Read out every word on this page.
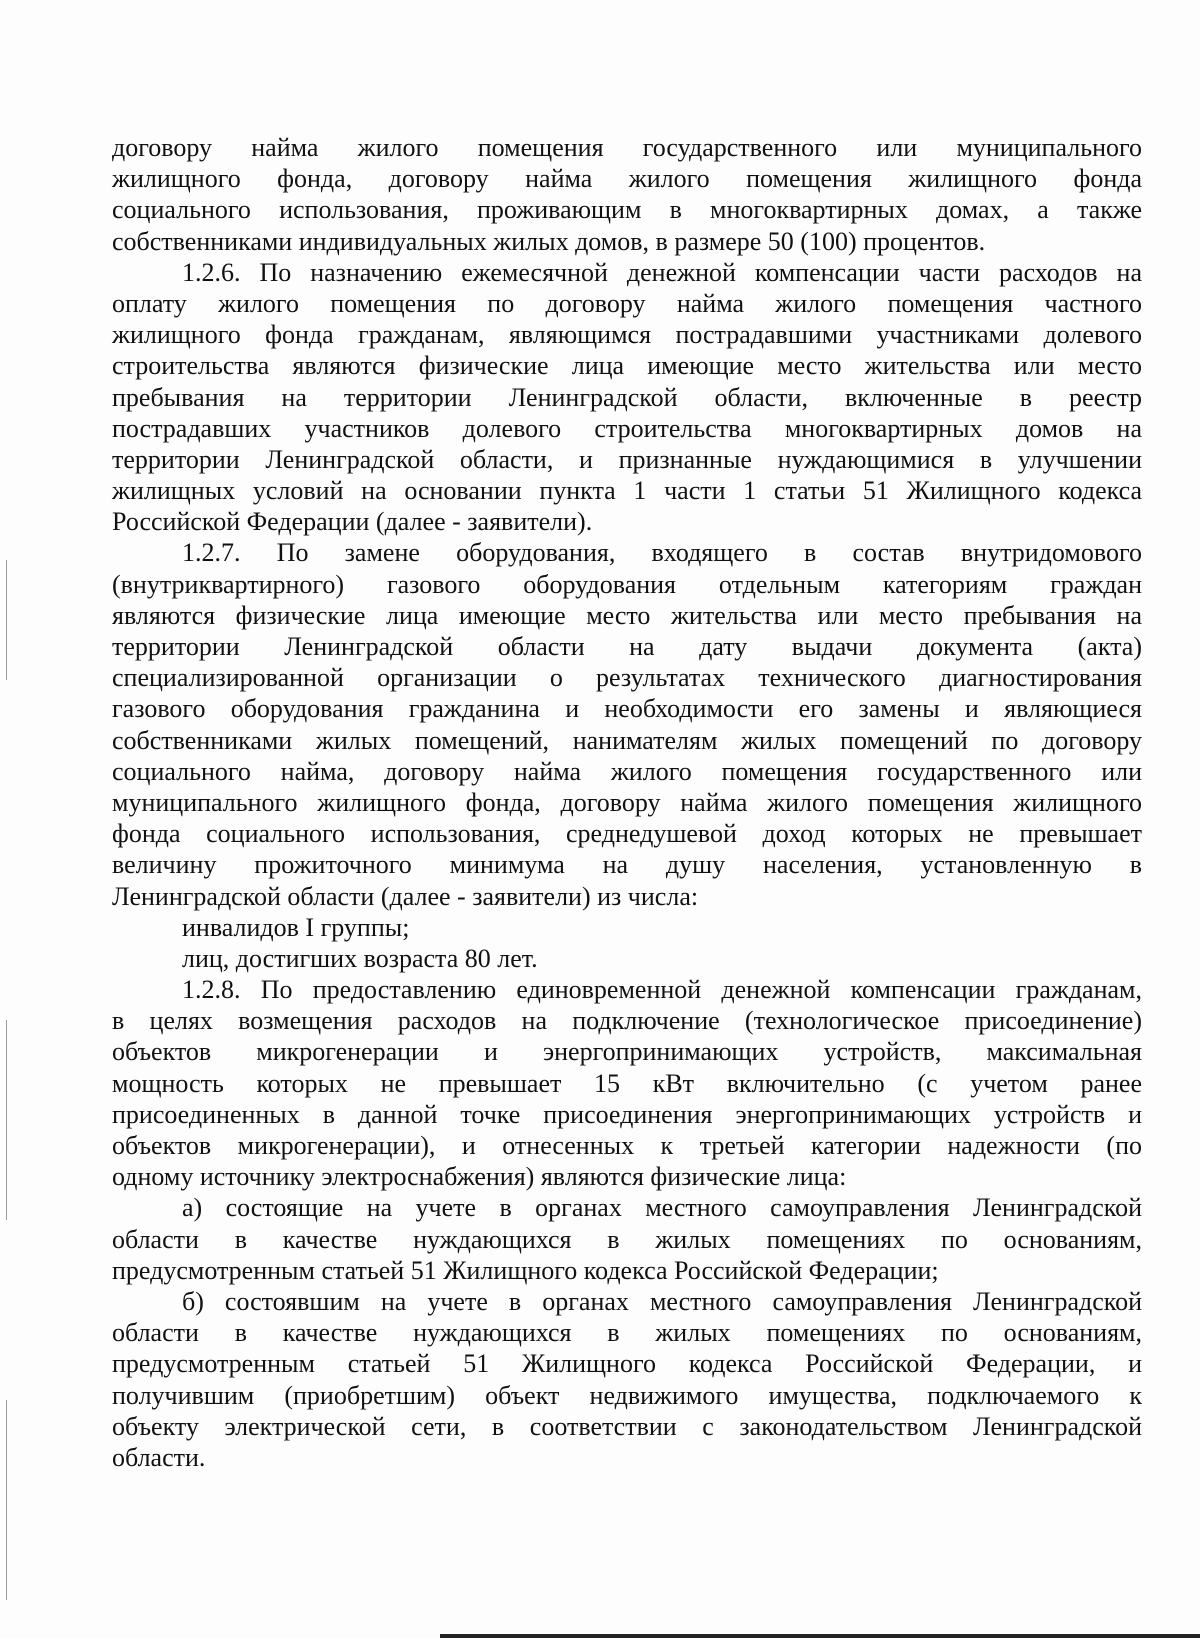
договору найма жилого помещения государственного или муниципального
жилищного фонда, договору найма жилого помещения жилищного фонда
социального использования, проживающим в многоквартирных домах, а также
собственниками индивидуальных жилых домов, в размере 50 (100) процентов.
1.2.6. По назначению ежемесячной денежной компенсации части расходов на
оплату жилого помещения по договору найма жилого помещения частного
жилищного фонда гражданам, являющимся пострадавшими участниками долевого
строительства являются физические лица имеющие место жительства или место
пребывания на территории Ленинградской области, включенные в реестр
пострадавших участников долевого строительства многоквартирных домов на
территории Ленинградской области, и признанные нуждающимися в улучшении
жилищных условий на основании пункта 1 части 1 статьи 51 Жилищного кодекса
Российской Федерации (далее - заявители).
1.2.7. По замене оборудования, входящего в состав внутридомового
(внутриквартирного) газового оборудования отдельным категориям граждан
являются физические лица имеющие место жительства или место пребывания на
территории Ленинградской области на дату выдачи документа (акта)
специализированной организации о результатах технического диагностирования
газового оборудования гражданина и необходимости его замены и являющиеся
собственниками жилых помещений, нанимателям жилых помещений по договору
социального найма, договору найма жилого помещения государственного или
муниципального жилищного фонда, договору найма жилого помещения жилищного
фонда социального использования, среднедушевой доход которых не превышает
величину прожиточного минимума на душу населения, установленную в
Ленинградской области (далее - заявители) из числа:
инвалидов I группы;
лиц, достигших возраста 80 лет.
1.2.8. По предоставлению единовременной денежной компенсации гражданам,
в целях возмещения расходов на подключение (технологическое присоединение)
объектов микрогенерации и энергопринимающих устройств, максимальная
мощность которых не превышает 15 кВт включительно (с учетом ранее
присоединенных в данной точке присоединения энергопринимающих устройств и
объектов микрогенерации), и отнесенных к третьей категории надежности (по
одному источнику электроснабжения) являются физические лица:
а) состоящие на учете в органах местного самоуправления Ленинградской
области в качестве нуждающихся в жилых помещениях по основаниям,
предусмотренным статьей 51 Жилищного кодекса Российской Федерации;
б) состоявшим на учете в органах местного самоуправления Ленинградской
области в качестве нуждающихся в жилых помещениях по основаниям,
предусмотренным статьей 51 Жилищного кодекса Российской Федерации, и
получившим (приобретшим) объект недвижимого имущества, подключаемого к
объекту электрической сети, в соответствии с законодательством Ленинградской
области.
